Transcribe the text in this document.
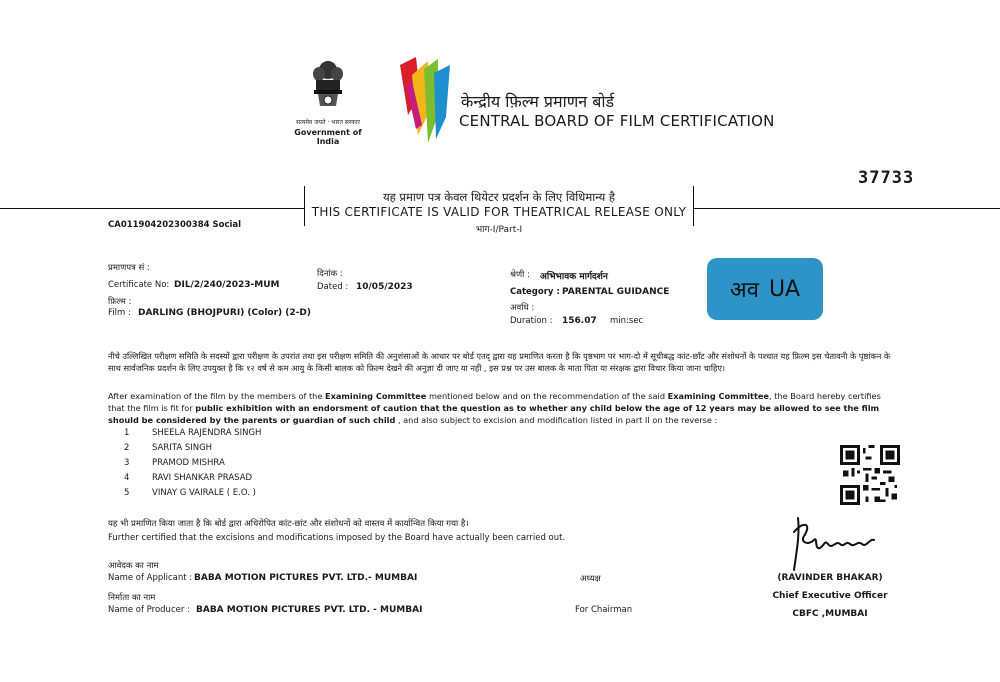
सत्यमेव जयते · भारत सरकार
Government of India
केन्द्रीय फ़िल्म प्रमाणन बोर्ड
CENTRAL BOARD OF FILM CERTIFICATION
37733
यह प्रमाण पत्र केवल थियेटर प्रदर्शन के लिए विधिमान्य है
THIS CERTIFICATE IS VALID FOR THEATRICAL RELEASE ONLY
भाग-I/Part-I
CA011904202300384 Social
प्रमाणपत्र सं :
Certificate No: DIL/2/240/2023-MUM
दिनांक :
Dated : 10/05/2023
फ़िल्म :
Film : DARLING (BHOJPURI) (Color) (2-D)
श्रेणी : अभिभावक मार्गदर्शन
Category : PARENTAL GUIDANCE
अवधि :
Duration : 156.07 min:sec
अव UA
नीचे उल्लिखित परीक्षण समिति के सदस्यों द्वारा परीक्षण के उपरांत तथा इस परीक्षण समिति की अनुशंसाओं के आधार पर बोर्ड एतद् द्वारा यह प्रमाणित करता है कि पृष्ठभाग पर भाग-दो में सूचीबद्ध कांट-छाँट और संशोधनों के पश्चात यह फ़िल्म इस चेतावनी के पृष्ठांकन के साथ सार्वजनिक प्रदर्शन के लिए उपयुक्त है कि १२ वर्ष से कम आयु के किसी बालक को फ़िल्म देखने की अनुज्ञा दी जाए या नहीं , इस प्रश्न पर उस बालक के माता पिता या संरक्षक द्वारा विचार किया जाना चाहिए।
After examination of the film by the members of the Examining Committee mentioned below and on the recommendation of the said Examining Committee, the Board hereby certifies that the film is fit for public exhibition with an endorsment of caution that the question as to whether any child below the age of 12 years may be allowed to see the film should be considered by the parents or guardian of such child , and also subject to excision and modification listed in part II on the reverse :
1	SHEELA RAJENDRA SINGH
2	SARITA SINGH
3	PRAMOD MISHRA
4	RAVI SHANKAR PRASAD
5	VINAY G VAIRALE ( E.O. )
यह भी प्रमाणित किया जाता है कि बोर्ड द्वारा अधिरोपित कांट-छांट और संशोधनों को वास्तव में कार्यान्वित किया गया है।
Further certified that the excisions and modifications imposed by the Board have actually been carried out.
आवेदक का नाम
Name of Applicant : BABA MOTION PICTURES PVT. LTD.- MUMBAI
निर्माता का नाम
Name of Producer : BABA MOTION PICTURES PVT. LTD. - MUMBAI
अध्यक्ष
For Chairman
(RAVINDER BHAKAR)
Chief Executive Officer
CBFC ,MUMBAI
